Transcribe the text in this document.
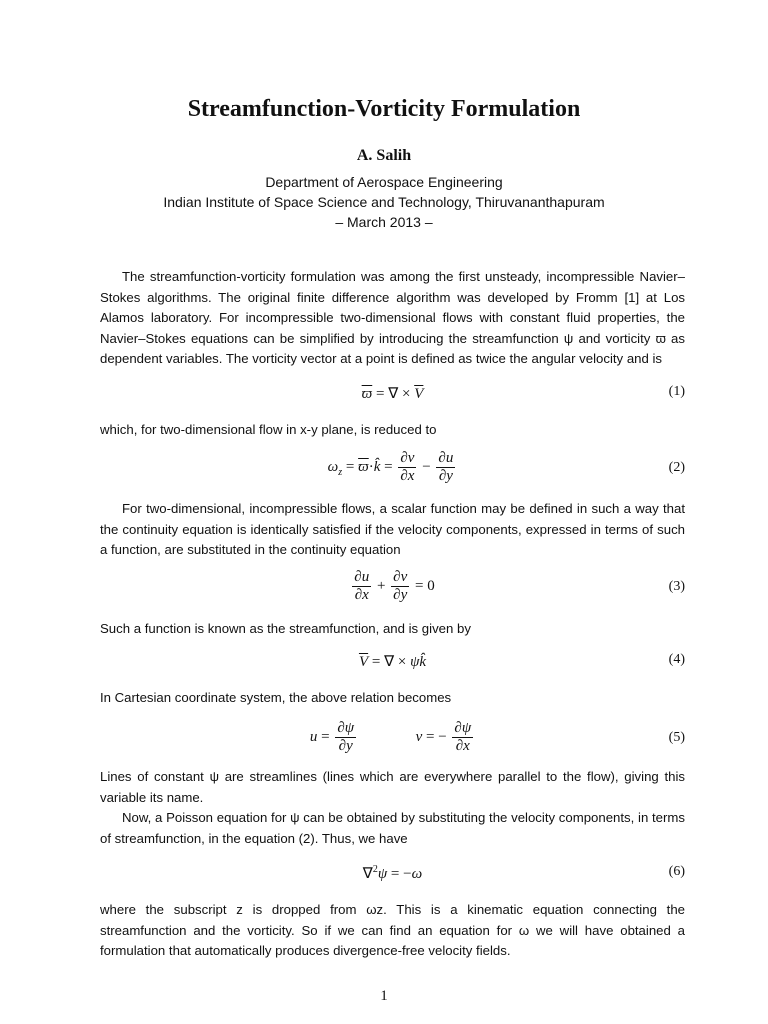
Streamfunction-Vorticity Formulation
A. Salih
Department of Aerospace Engineering
Indian Institute of Space Science and Technology, Thiruvananthapuram
– March 2013 –

The streamfunction-vorticity formulation was among the first unsteady, incompressible Navier–Stokes algorithms. The original finite difference algorithm was developed by Fromm [1] at Los Alamos laboratory. For incompressible two-dimensional flows with constant fluid properties, the Navier–Stokes equations can be simplified by introducing the streamfunction ψ and vorticity ϖ as dependent variables. The vorticity vector at a point is defined as twice the angular velocity and is

$\overline{ϖ}$ = ∇ × $\overline{V}$	(1)

which, for two-dimensional flow in x-y plane, is reduced to

$\omega_z$ = $\overline{ϖ}\cdot k̂ = \frac{\partial v}{\partial x} - \frac{\partial u}{\partial y}$	(2)

For two-dimensional, incompressible flows, a scalar function may be defined in such a way that the continuity equation is identically satisfied if the velocity components, expressed in terms of such a function, are substituted in the continuity equation

$\frac{\partial u}{\partial x} + \frac{\partial v}{\partial y} = 0$	(3)

Such a function is known as the streamfunction, and is given by

$\overline{V}$ = ∇ × ψk̂	(4)

In Cartesian coordinate system, the above relation becomes

$u = \frac{\partial\psi}{\partial y}$	v = − $\frac{\partial\psi}{\partial x}$	(5)

Lines of constant ψ are streamlines (lines which are everywhere parallel to the flow), giving this variable its name.

Now, a Poisson equation for ψ can be obtained by substituting the velocity components, in terms of streamfunction, in the equation (2). Thus, we have

∇$^2$ψ = −ω	(6)

where the subscript z is dropped from ωz. This is a kinematic equation connecting the streamfunction and the vorticity. So if we can find an equation for ω we will have obtained a formulation that automatically produces divergence-free velocity fields.

1
